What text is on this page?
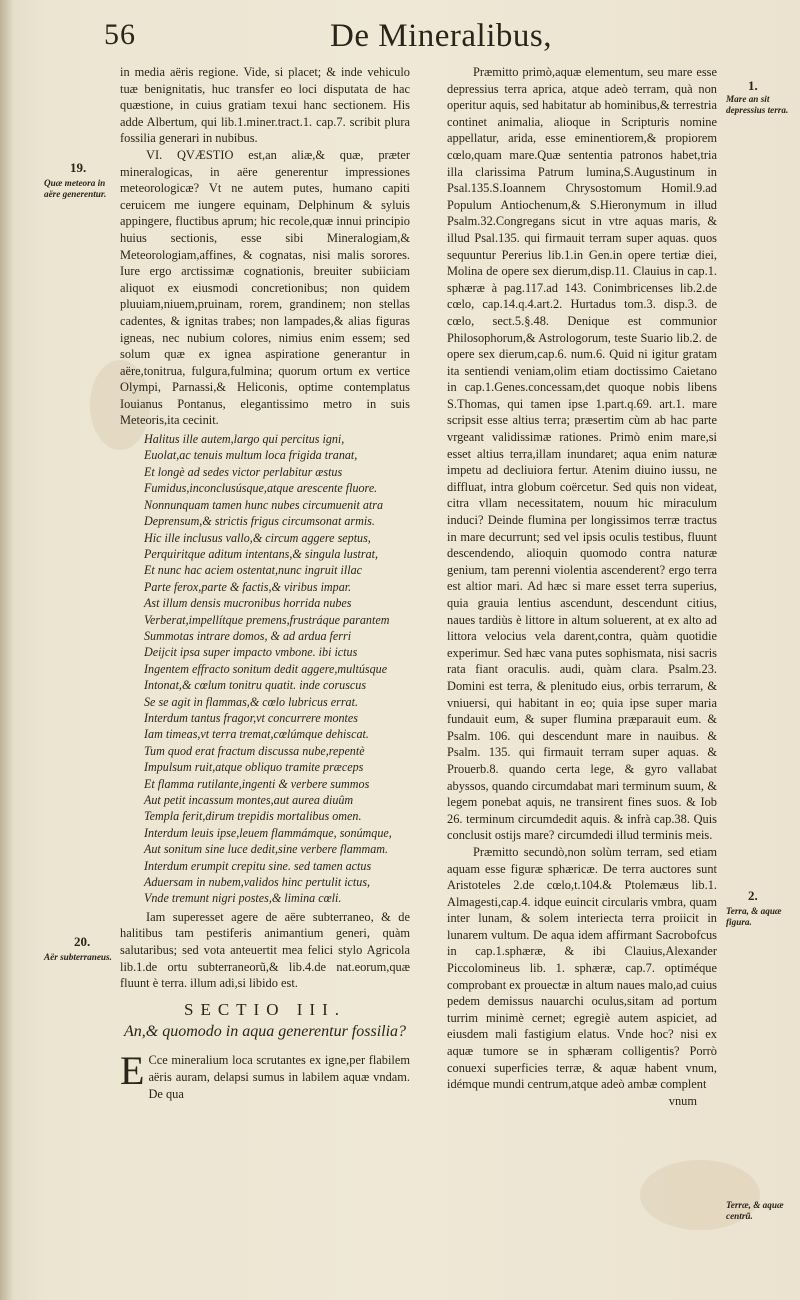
56	De Mineralibus,
19.
Quæ meteora in aëre generentur.
20.
Aër subterraneus.
1.
Mare an sit depressius terra.
2.
Terra, & aquæ figura.
Terræ, & aquæ centrũ.

in media aëris regione. Vide, si placet; & inde vehiculo tuæ benignitatis, huc transfer eo loci disputata de hac quæstione, in cuius gratiam texui hanc sectionem. His adde Albertum, qui lib.1.miner.tract.1. cap.7. scribit plura fossilia generari in nubibus.

VI. QVÆSTIO est,an aliæ,& quæ, præter mineralogicas, in aëre generentur impressiones meteorologicæ? Vt ne autem putes, humano capiti ceruicem me iungere equinam, Delphinum & syluis appingere, fluctibus aprum; hic recole,quæ innui principio huius sectionis, esse sibi Mineralogiam,& Meteorologiam,affines, & cognatas, nisi malis sorores. Iure ergo arctissimæ cognationis, breuiter subiiciam aliquot ex eiusmodi concretionibus; non quidem pluuiam,niuem,pruinam, rorem, grandinem; non stellas cadentes, & ignitas trabes; non lampades,& alias figuras igneas, nec nubium colores, nimius enim essem; sed solum quæ ex ignea aspiratione generantur in aëre,tonitrua, fulgura,fulmina; quorum ortum ex vertice Olympi, Parnassi,& Heliconis, optime contemplatus Iouianus Pontanus, elegantissimo metro in suis Meteoris,ita cecinit.

Halitus ille autem,largo qui percitus igni,
Euolat,ac tenuis multum loca frigida tranat,
Et longè ad sedes victor perlabitur æstus
Fumidus,inconclusúsque,atque arescente fluore.
Nonnunquam tamen hunc nubes circumuenit atra
Deprensum,& strictis frigus circumsonat armis.
Hic ille inclusus vallo,& circum aggere septus,
Perquiritque aditum intentans,& singula lustrat,
Et nunc hac aciem ostentat,nunc ingruit illac
Parte ferox,parte & factis,& viribus impar.
Ast illum densis mucronibus horrida nubes
Verberat,impellítque premens,frustráque parantem
Summotas intrare domos, & ad ardua ferri
Deijcit ipsa super impacto vmbone. ibi ictus
Ingentem effracto sonitum dedit aggere,multúsque
Intonat,& cœlum tonitru quatit. inde coruscus
Se se agit in flammas,& cœlo lubricus errat.
Interdum tantus fragor,vt concurrere montes
Iam timeas,vt terra tremat,cœlúmque dehiscat.
Tum quod erat fractum discussa nube,repentè
Impulsum ruit,atque obliquo tramite præceps
Et flamma rutilante,ingenti & verbere summos
Aut petit incassum montes,aut aurea diuûm
Templa ferit,dirum trepidis mortalibus omen.
Interdum leuis ipse,leuem flammámque, sonúmque,
Aut sonitum sine luce dedit,sine verbere flammam.
Interdum erumpit crepitu sine. sed tamen actus
Aduersam in nubem,validos hinc pertulit ictus,
Vnde tremunt nigri postes,& limina cœli.

Iam superesset agere de aëre subterraneo, & de halitibus tam pestiferis animantium generi, quàm salutaribus; sed vota anteuertit mea felici stylo Agricola lib.1.de ortu subterraneorũ,& lib.4.de nat.eorum,quæ fluunt è terra. illum adi,si libido est.

SECTIO III.
An,& quomodo in aqua generentur fossilia?

E Cce mineralium loca scrutantes ex igne,per flabilem aëris auram, delapsi sumus in labilem aquæ vndam. De qua

Præmitto primò,aquæ elementum, seu mare esse depressius terra aprica, atque adeò terram, quà non operitur aquis, sed habitatur ab hominibus,& terrestria continet animalia, alioque in Scripturis nomine appellatur, arida, esse eminentiorem,& propiorem cœlo,quam mare.Quæ sententia patronos habet,tria illa clarissima Patrum lumina,S.Augustinum in Psal.135.S.Ioannem Chrysostomum Homil.9.ad Populum Antiochenum,& S.Hieronymum in illud Psalm.32.Congregans sicut in vtre aquas maris, & illud Psal.135. qui firmauit terram super aquas. quos sequuntur Pererius lib.1.in Gen.in opere tertiæ diei, Molina de opere sex dierum,disp.11. Clauius in cap.1. sphæræ à pag.117.ad 143. Conimbricenses lib.2.de cœlo, cap.14.q.4.art.2. Hurtadus tom.3. disp.3. de cœlo, sect.5.§.48. Denique est communior Philosophorum,& Astrologorum, teste Suario lib.2. de opere sex dierum,cap.6. num.6. Quid ni igitur gratam ita sentiendi veniam,olim etiam doctissimo Caietano in cap.1.Genes.concessam,det quoque nobis libens S.Thomas, qui tamen ipse 1.part.q.69. art.1. mare scripsit esse altius terra; præsertim cùm ab hac parte vrgeant validissimæ rationes. Primò enim mare,si esset altius terra,illam inundaret; aqua enim naturæ impetu ad decliuiora fertur. Atenim diuino iussu, ne diffluat, intra globum coërcetur. Sed quis non videat, citra vllam necessitatem, nouum hic miraculum induci? Deinde flumina per longissimos terræ tractus in mare decurrunt; sed vel ipsis oculis testibus, fluunt descendendo, alioquin quomodo contra naturæ genium, tam perenni violentia ascenderent? ergo terra est altior mari. Ad hæc si mare esset terra superius, quia grauia lentius ascendunt, descendunt citius, naues tardiùs è littore in altum soluerent, at ex alto ad littora velocius vela darent,contra, quàm quotidie experimur. Sed hæc vana putes sophismata, nisi sacris rata fiant oraculis. audi, quàm clara. Psalm.23. Domini est terra, & plenitudo eius, orbis terrarum, & vniuersi, qui habitant in eo; quia ipse super maria fundauit eum, & super flumina præparauit eum. & Psalm. 106. qui descendunt mare in nauibus. & Psalm. 135. qui firmauit terram super aquas. & Prouerb.8. quando certa lege, & gyro vallabat abyssos, quando circumdabat mari terminum suum, & legem ponebat aquis, ne transirent fines suos. & Iob 26. terminum circumdedit aquis. & infrà cap.38. Quis conclusit ostijs mare? circumdedi illud terminis meis.

Præmitto secundò,non solùm terram, sed etiam aquam esse figuræ sphæricæ. De terra auctores sunt Aristoteles 2.de cœlo,t.104.& Ptolemæus lib.1. Almagesti,cap.4. idque euincit circularis vmbra, quam inter lunam, & solem interiecta terra proiicit in lunarem vultum. De aqua idem affirmant Sacrobofcus in cap.1.sphæræ, & ibi Clauius,Alexander Piccolomineus lib. 1. sphæræ, cap.7. optiméque comprobant ex prouectæ in altum naues malo,ad cuius pedem demissus nauarchi oculus,sitam ad portum turrim minimè cernet; egregiè autem aspiciet, ad eiusdem mali fastigium elatus. Vnde hoc? nisi ex aquæ tumore se in sphæram colligentis? Porrò conuexi superficies terræ, & aquæ habent vnum, idémque mundi centrum,atque adeò ambæ complent

vnum
